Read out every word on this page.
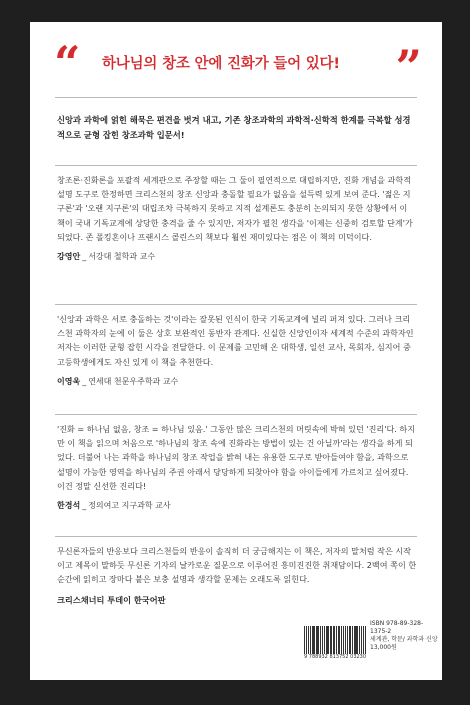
“ 하나님의 창조 안에 진화가 들어 있다! ”
신앙과 과학에 얽힌 해묵은 편견을 벗겨 내고, 기존 창조과학의 과학적·신학적 한계를 극복할 성경적으로 균형 잡힌 창조과학 입문서!
창조론·진화론을 포괄적 세계관으로 주장할 때는 그 둘이 필연적으로 대립하지만, 진화 개념을 과학적 설명 도구로 한정하면 크리스천의 창조 신앙과 충돌할 필요가 없음을 설득력 있게 보여 준다. '젊은 지구론'과 '오랜 지구론'의 대립조차 극복하지 못하고 지적 설계론도 충분히 논의되지 못한 상황에서 이 책이 국내 기독교계에 상당한 충격을 줄 수 있지만, 저자가 펼친 생각을 '이제는 신중히 검토할 단계'가 되었다. 존 폴킹혼이나 프랜시스 콜린스의 책보다 훨씬 재미있다는 점은 이 책의 미덕이다.
강영안 _ 서강대 철학과 교수
'신앙과 과학은 서로 충돌하는 것'이라는 잘못된 인식이 한국 기독교계에 널리 퍼져 있다. 그러나 크리스천 과학자의 눈에 이 둘은 상호 보완적인 동반자 관계다. 신실한 신앙인이자 세계적 수준의 과학자인 저자는 이러한 균형 잡힌 시각을 전달한다. 이 문제를 고민해 온 대학생, 일선 교사, 목회자, 심지어 중고등학생에게도 자신 있게 이 책을 추천한다.
이영욱 _ 연세대 천문우주학과 교수
'진화 = 하나님 없음, 창조 = 하나님 있음.' 그동안 많은 크리스천의 머릿속에 박혀 있던 '진리'다. 하지만 이 책을 읽으며 처음으로 '하나님의 창조 속에 진화라는 방법이 있는 건 아닐까'라는 생각을 하게 되었다. 더불어 나는 과학을 하나님의 창조 작업을 밝혀 내는 유용한 도구로 받아들여야 함을, 과학으로 설명이 가능한 영역을 하나님의 주권 아래서 당당하게 되찾아야 함을 아이들에게 가르치고 싶어졌다. 이건 정말 신선한 진리다!
한경석 _ 정의여고 지구과학 교사
무신론자들의 반응보다 크리스천들의 반응이 솔직히 더 궁금해지는 이 책은, 저자의 말처럼 작은 시작이고 제목이 말하듯 무신론 기자의 날카로운 질문으로 이루어진 흥미진진한 취재담이다. 2백여 쪽이 한순간에 읽히고 장마다 붙은 보충 설명과 생각할 문제는 오래도록 읽힌다.
크리스채너티 투데이 한국어판
9 788932 813752 03230
ISBN 978-89-328-1375-2
세계관, 학문/ 과학과 신앙
13,000원
